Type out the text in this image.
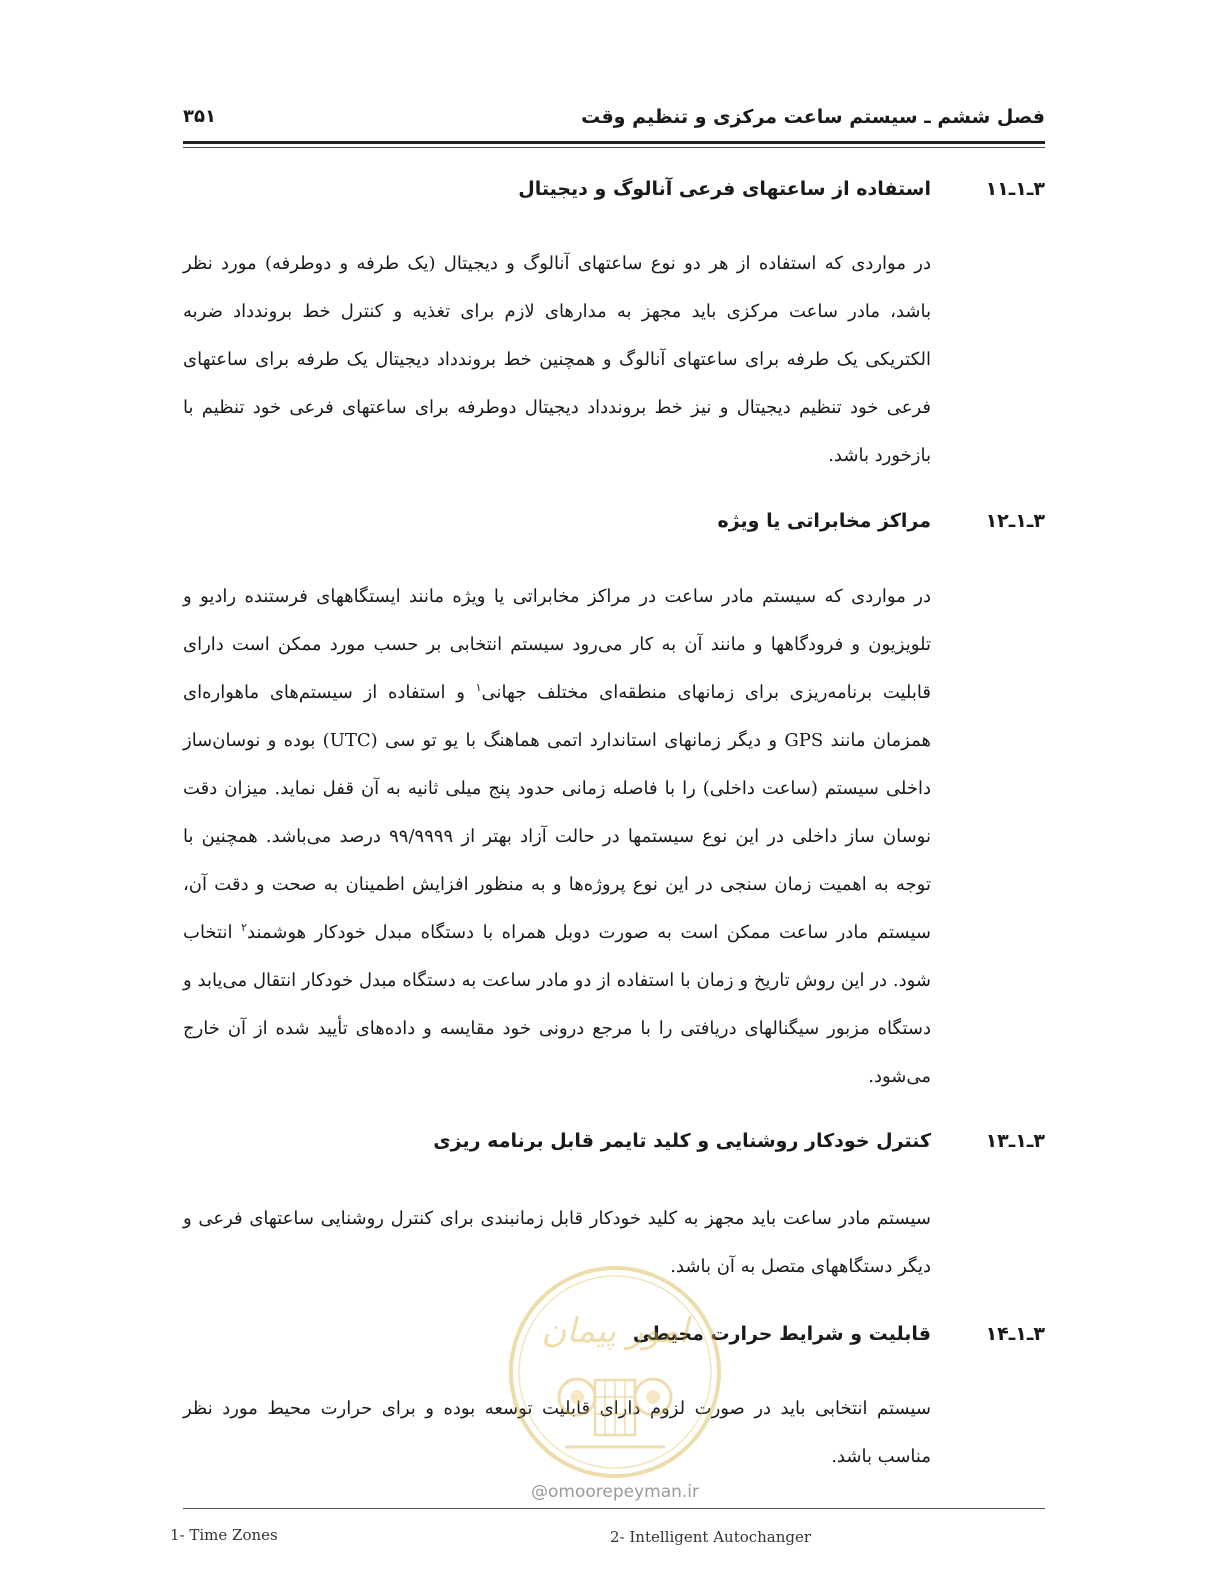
فصل ششم ـ سیستم ساعت مرکزی و تنظیم وقت
۳۵۱
۳ـ۱ـ۱۱
استفاده از ساعتهای فرعی آنالوگ و دیجیتال
در مواردی که استفاده از هر دو نوع ساعتهای آنالوگ و دیجیتال (یک طرفه و دوطرفه) مورد نظر باشد، مادر ساعت مرکزی باید مجهز به مدارهای لازم برای تغذیه و کنترل خط بروندداد ضربه الکتریکی یک طرفه برای ساعتهای آنالوگ و همچنین خط بروندداد دیجیتال یک طرفه برای ساعتهای فرعی خود تنظیم دیجیتال و نیز خط بروندداد دیجیتال دوطرفه برای ساعتهای فرعی خود تنظیم با بازخورد باشد.
۳ـ۱ـ۱۲
مراکز مخابراتی یا ویژه
در مواردی که سیستم مادر ساعت در مراکز مخابراتی یا ویژه مانند ایستگاههای فرستنده رادیو و تلویزیون و فرودگاهها و مانند آن به کار می‌رود سیستم انتخابی بر حسب مورد ممکن است دارای قابلیت برنامه‌ریزی برای زمانهای منطقه‌ای مختلف جهانی$^۱$ و استفاده از سیستم‌های ماهواره‌ای همزمان مانند GPS و دیگر زمانهای استاندارد اتمی هماهنگ با یو تو سی (UTC) بوده و نوسان‌ساز داخلی سیستم (ساعت داخلی) را با فاصله زمانی حدود پنج میلی ثانیه به آن قفل نماید. میزان دقت نوسان ساز داخلی در این نوع سیستمها در حالت آزاد بهتر از ۹۹/۹۹۹۹ درصد می‌باشد. همچنین با توجه به اهمیت زمان سنجی در این نوع پروژه‌ها و به منظور افزایش اطمینان به صحت و دقت آن، سیستم مادر ساعت ممکن است به صورت دوبل همراه با دستگاه مبدل خودکار هوشمند$^۲$ انتخاب شود. در این روش تاریخ و زمان با استفاده از دو مادر ساعت به دستگاه مبدل خودکار انتقال می‌یابد و دستگاه مزبور سیگنالهای دریافتی را با مرجع درونی خود مقایسه و داده‌های تأیید شده از آن خارج می‌شود.
۳ـ۱ـ۱۳
کنترل خودکار روشنایی و کلید تایمر قابل برنامه ریزی
سیستم مادر ساعت باید مجهز به کلید خودکار قابل زمانبندی برای کنترل روشنایی ساعتهای فرعی و دیگر دستگاههای متصل به آن باشد.
۳ـ۱ـ۱۴
قابلیت و شرایط حرارت محیطی
سیستم انتخابی باید در صورت لزوم دارای قابلیت توسعه بوده و برای حرارت محیط مورد نظر مناسب باشد.
امور پیمان
@omoorepeyman.ir
1- Time Zones	2- Intelligent Autochanger
